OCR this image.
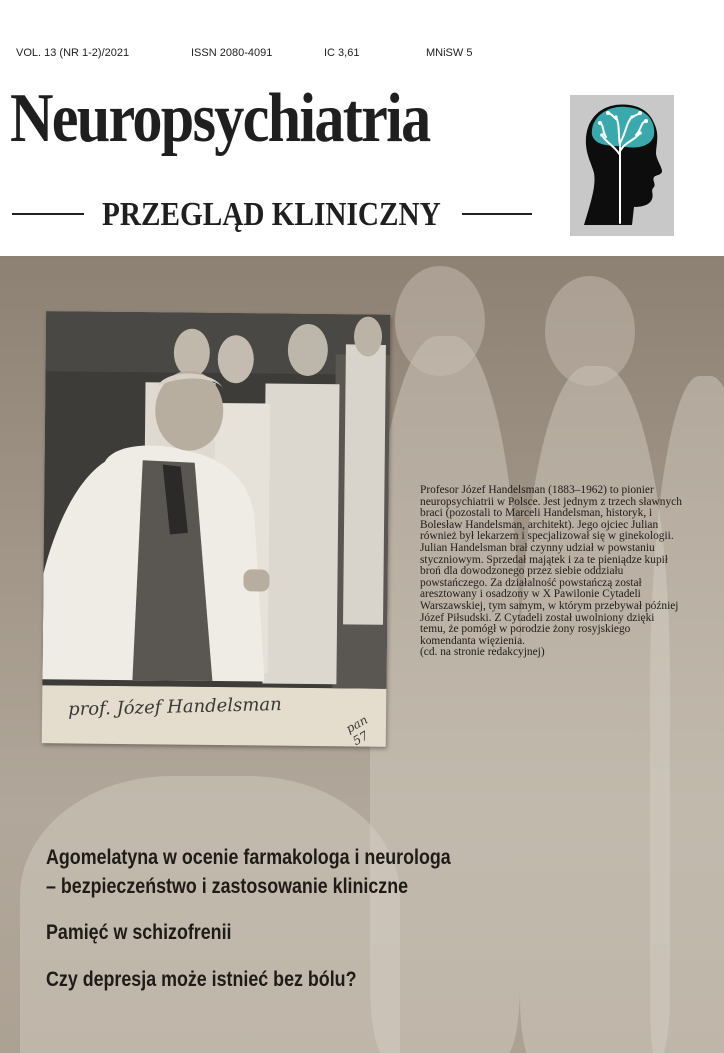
VOL. 13 (NR 1-2)/2021	ISSN 2080-4091	IC 3,61	MNiSW 5
Neuropsychiatria
PRZEGLĄD KLINICZNY
prof. Józef Handelsman
pan 57
Profesor Józef Handelsman (1883–1962) to pionier neuropsychiatrii w Polsce. Jest jednym z trzech sławnych braci (pozostali to Marceli Handelsman, historyk, i Bolesław Handelsman, architekt). Jego ojciec Julian również był lekarzem i specjalizował się w ginekologii. Julian Handelsman brał czynny udział w powstaniu styczniowym. Sprzedał majątek i za te pieniądze kupił broń dla dowodzonego przez siebie oddziału powstańczego. Za działalność powstańczą został aresztowany i osadzony w X Pawilonie Cytadeli Warszawskiej, tym samym, w którym przebywał później Józef Piłsudski. Z Cytadeli został uwolniony dzięki temu, że pomógł w porodzie żony rosyjskiego komendanta więzienia.
(cd. na stronie redakcyjnej)
Agomelatyna w ocenie farmakologa i neurologa
– bezpieczeństwo i zastosowanie kliniczne
Pamięć w schizofrenii
Czy depresja może istnieć bez bólu?
